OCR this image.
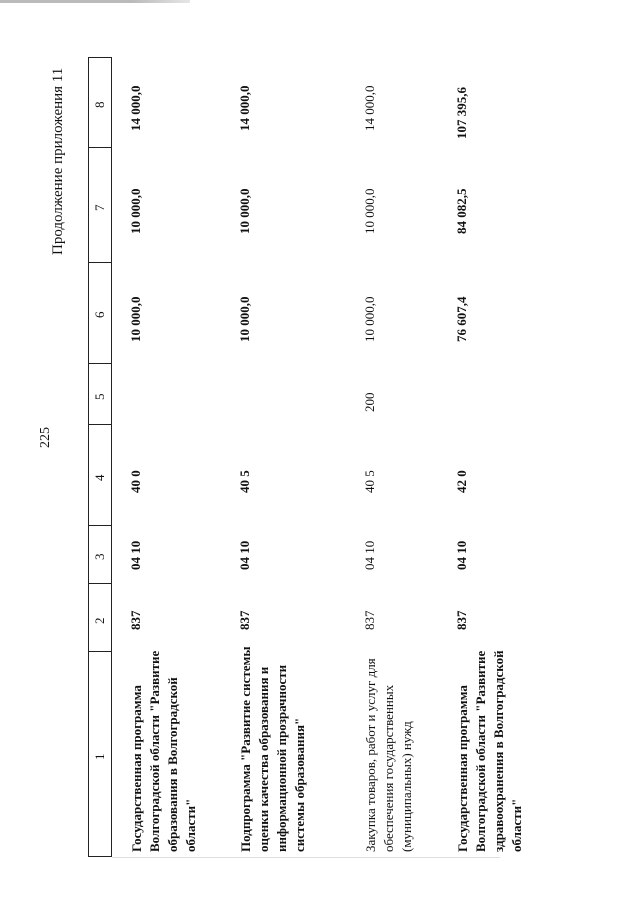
225
Продолжение приложения 11 8
7
6
5
4
3
2
1 Государственная программа Волгоградской области "Развитие образования в Волгоградской области"
837
04 10
40 0
10 000,0
10 000,0
14 000,0
Подпрограмма "Развитие системы оценки качества образования и информационной прозрачности системы образования"
837
04 10
40 5
10 000,0
10 000,0
14 000,0
Закупка товаров, работ и услуг для обеспечения государственных (муниципальных) нужд
837
04 10
40 5
200
10 000,0
10 000,0
14 000,0
Государственная программа Волгоградской области "Развитие здравоохранения в Волгоградской области"
837
04 10
42 0
76 607,4
84 082,5
107 395,6
